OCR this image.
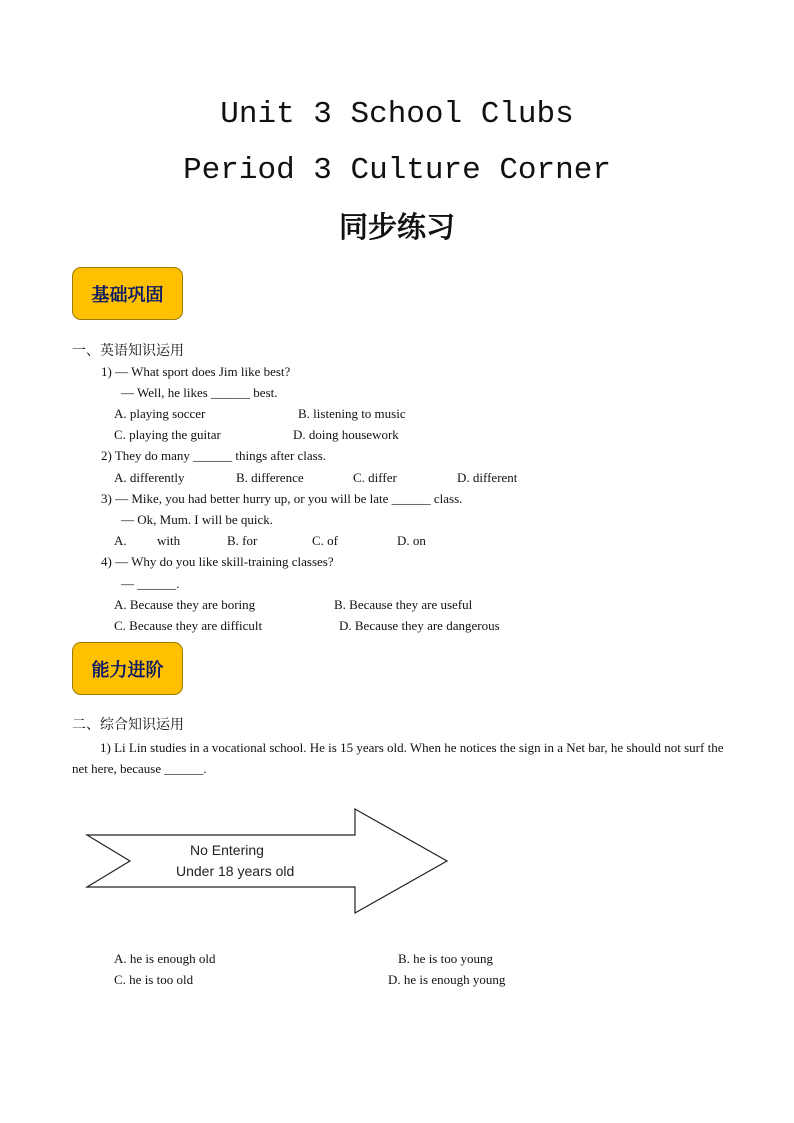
Unit 3 School Clubs
Period 3 Culture Corner
同步练习
基础巩固
一、英语知识运用
1) — What sport does Jim like best?
— Well, he likes ______ best.
A. playing soccer	B. listening to music
C. playing the guitar	D. doing housework
2) They do many ______ things after class.
A. differently	B. difference	C. differ	D. different
3) — Mike, you had better hurry up, or you will be late ______ class.
— Ok, Mum. I will be quick.
A. with	B. for	C. of	D. on
4) — Why do you like skill-training classes?
— ______.
A. Because they are boring	B. Because they are useful
C. Because they are difficult	D. Because they are dangerous
能力进阶
二、综合知识运用
1) Li Lin studies in a vocational school. He is 15 years old. When he notices the sign in a Net bar, he should not surf the net here, because ______.
No Entering
Under 18 years old
A. he is enough old	B. he is too young
C. he is too old	D. he is enough young
